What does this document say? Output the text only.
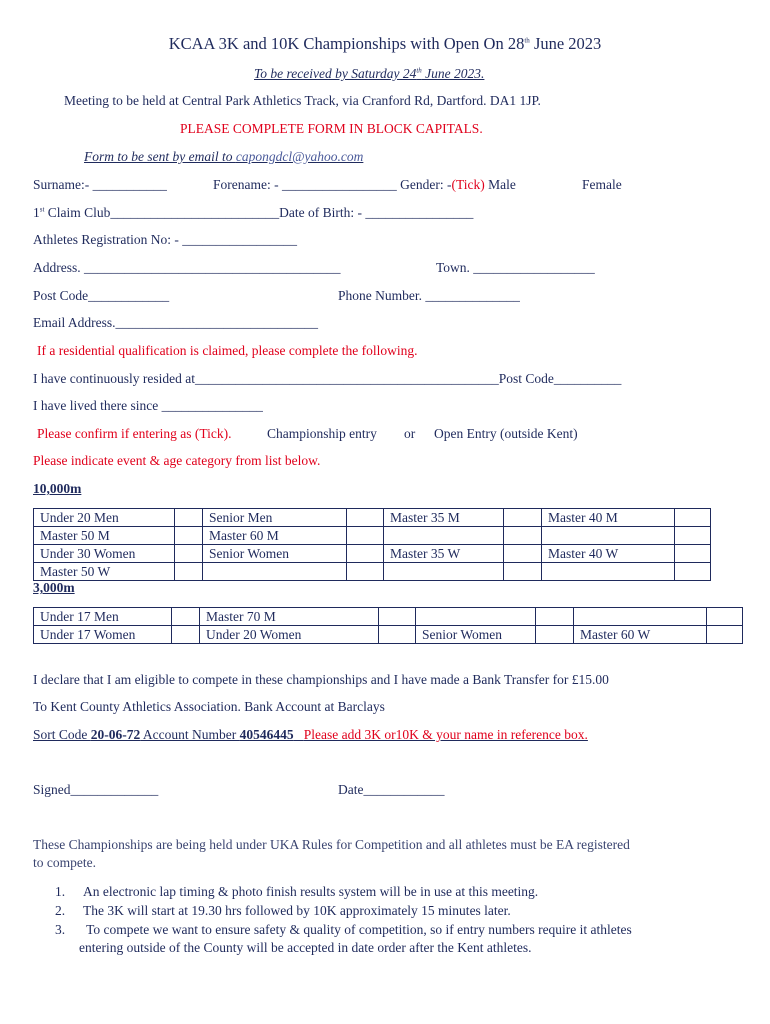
KCAA 3K and 10K Championships with Open On 28th June 2023
To be received by Saturday 24th June 2023.
Meeting to be held at Central Park Athletics Track, via Cranford Rd, Dartford. DA1 1JP.
PLEASE COMPLETE FORM IN BLOCK CAPITALS.
Form to be sent by email to capongdcl@yahoo.com
Surname:- ___________	Forename: - _________________ Gender: -(Tick) Male	Female
1st Claim Club_________________________Date of Birth: - ________________
Athletes Registration No: - _________________
Address. ______________________________________	Town. __________________
Post Code____________	Phone Number. ______________
Email Address.______________________________
If a residential qualification is claimed, please complete the following.
I have continuously resided at_____________________________________________Post Code__________
I have lived there since _______________
Please confirm if entering as (Tick).	Championship entry or Open Entry (outside Kent)
Please indicate event & age category from list below.
10,000m
Under 20 Men		Senior Men		Master 35 M		Master 40 M	
Master 50 M		Master 60 M					
Under 30 Women		Senior Women		Master 35 W		Master 40 W	
Master 50 W							
3,000m
Under 17 Men		Master 70 M					
Under 17 Women		Under 20 Women		Senior Women		Master 60 W	
I declare that I am eligible to compete in these championships and I have made a Bank Transfer for £15.00
To Kent County Athletics Association. Bank Account at Barclays
Sort Code 20-06-72 Account Number 40546445 Please add 3K or10K & your name in reference box.
Signed_____________	Date____________
These Championships are being held under UKA Rules for Competition and all athletes must be EA registered
to compete.
1. An electronic lap timing & photo finish results system will be in use at this meeting.
2. The 3K will start at 19.30 hrs followed by 10K approximately 15 minutes later.
3. To compete we want to ensure safety & quality of competition, so if entry numbers require it athletes
entering outside of the County will be accepted in date order after the Kent athletes.
